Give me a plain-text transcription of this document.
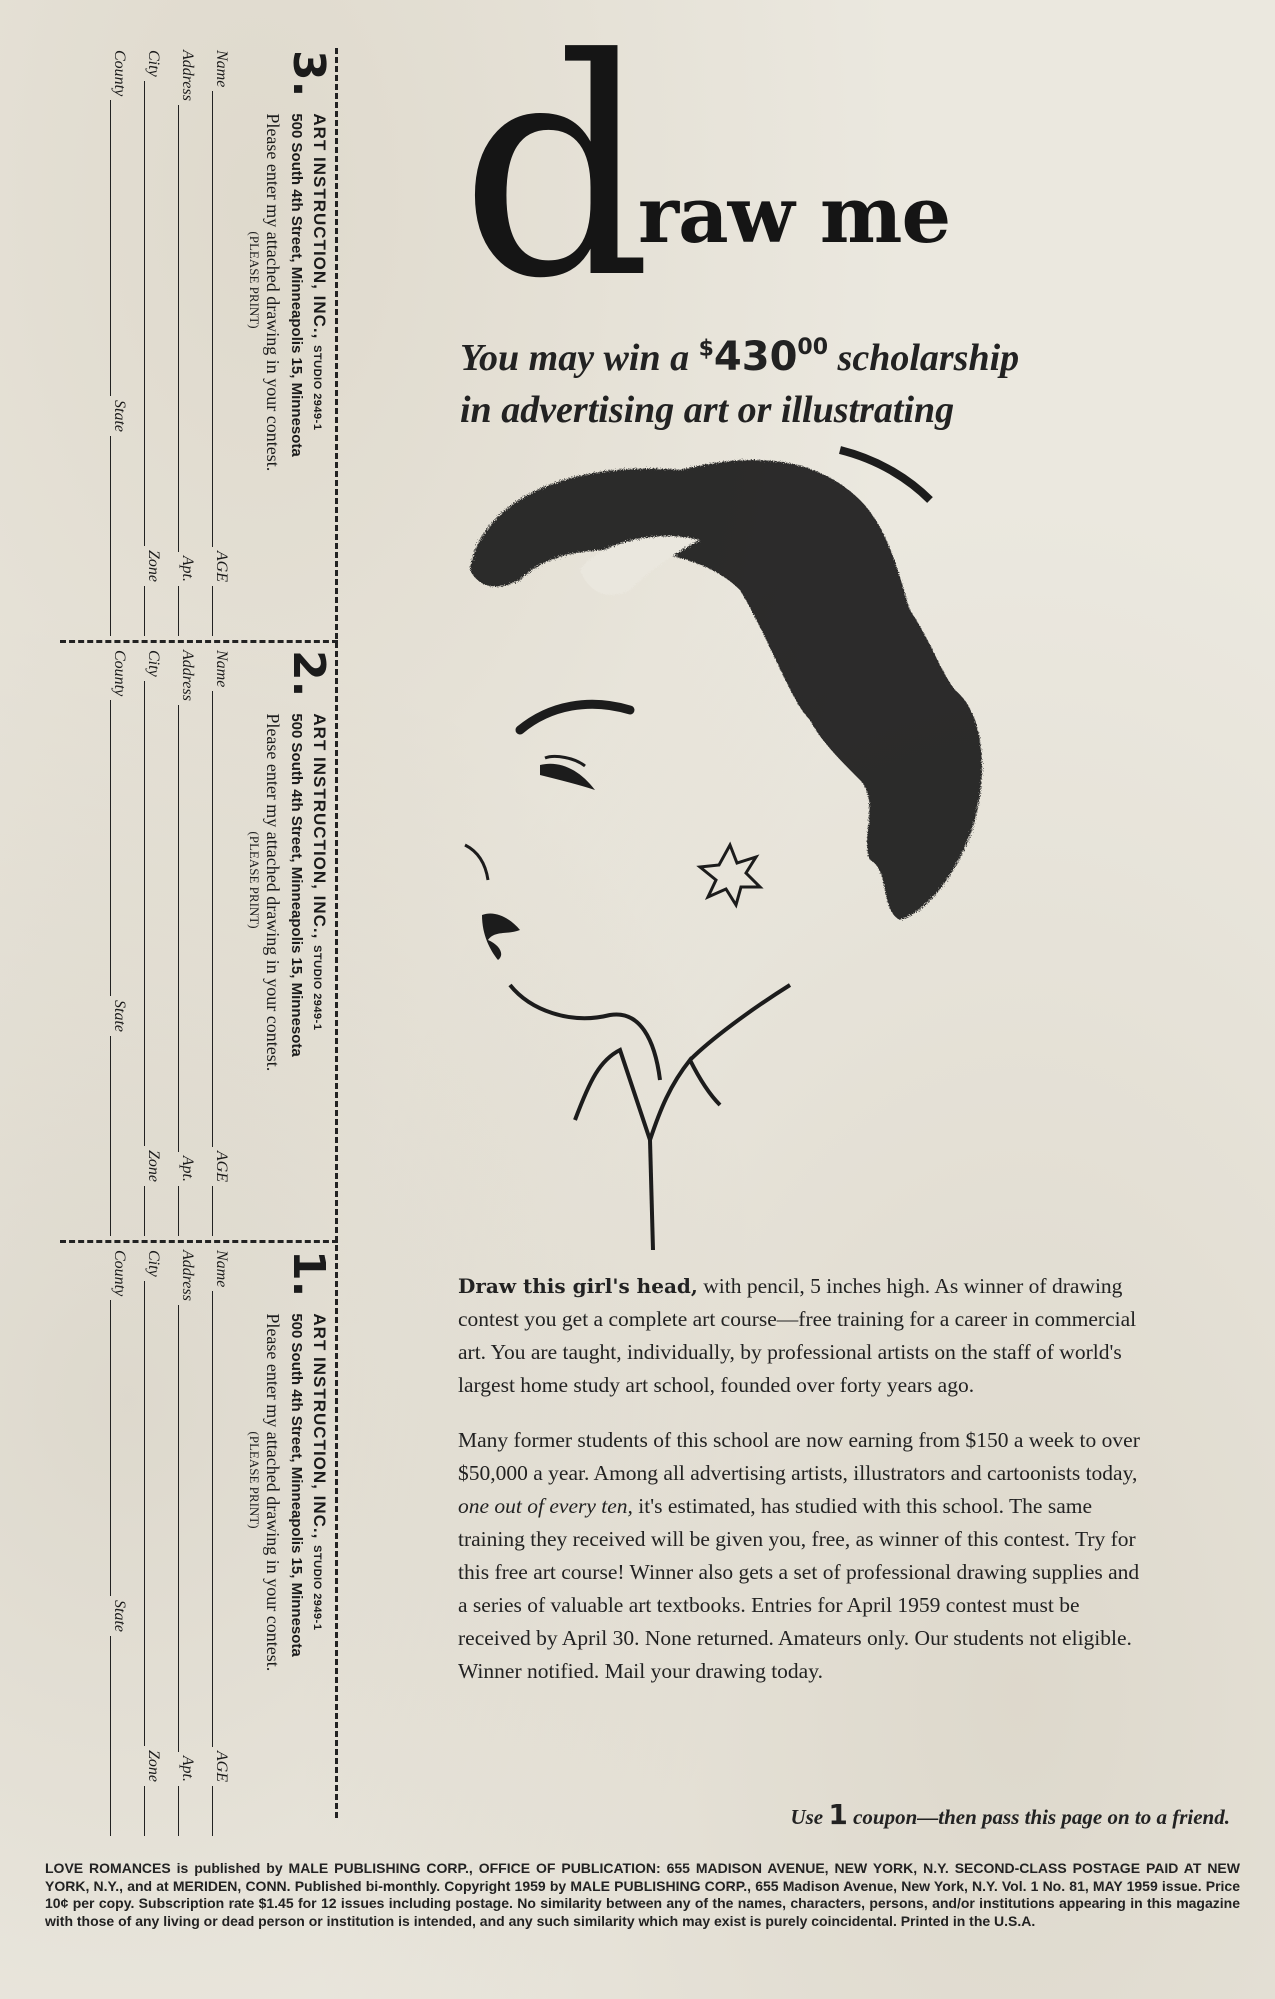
3.
ART INSTRUCTION, INC., STUDIO 2949-1
500 South 4th Street, Minneapolis 15, Minnesota
Please enter my attached drawing in your contest.
(PLEASE PRINT)
Name
AGE
Address
Apt.
City
Zone
County
State
2.
ART INSTRUCTION, INC., STUDIO 2949-1
500 South 4th Street, Minneapolis 15, Minnesota
Please enter my attached drawing in your contest.
(PLEASE PRINT)
Name
AGE
Address
Apt.
City
Zone
County
State
1.
ART INSTRUCTION, INC., STUDIO 2949-1
500 South 4th Street, Minneapolis 15, Minnesota
Please enter my attached drawing in your contest.
(PLEASE PRINT)
Name
AGE
Address
Apt.
City
Zone
County
State
d
raw me
You may win a $^{\$}430^{00}$ scholarship
in advertising art or illustrating

Draw this girl's head, with pencil, 5 inches high. As winner of drawing contest you get a complete art course—free training for a career in commercial art. You are taught, individually, by professional artists on the staff of world's largest home study art school, founded over forty years ago.

Many former students of this school are now earning from $150 a week to over $50,000 a year. Among all advertising artists, illustrators and cartoonists today, one out of every ten, it's estimated, has studied with this school. The same training they received will be given you, free, as winner of this contest. Try for this free art course! Winner also gets a set of professional drawing supplies and a series of valuable art textbooks. Entries for April 1959 contest must be received by April 30. None returned. Amateurs only. Our students not eligible. Winner notified. Mail your drawing today.

Use 1 coupon—then pass this page on to a friend.
LOVE ROMANCES is published by MALE PUBLISHING CORP., OFFICE OF PUBLICATION: 655 MADISON AVENUE, NEW YORK, N.Y. SECOND-CLASS POSTAGE PAID AT NEW YORK, N.Y., and at MERIDEN, CONN. Published bi-monthly. Copyright 1959 by MALE PUBLISHING CORP., 655 Madison Avenue, New York, N.Y. Vol. 1 No. 81, MAY 1959 issue. Price 10¢ per copy. Subscription rate $1.45 for 12 issues including postage. No similarity between any of the names, characters, persons, and/or institutions appearing in this magazine with those of any living or dead person or institution is intended, and any such similarity which may exist is purely coincidental. Printed in the U.S.A.
